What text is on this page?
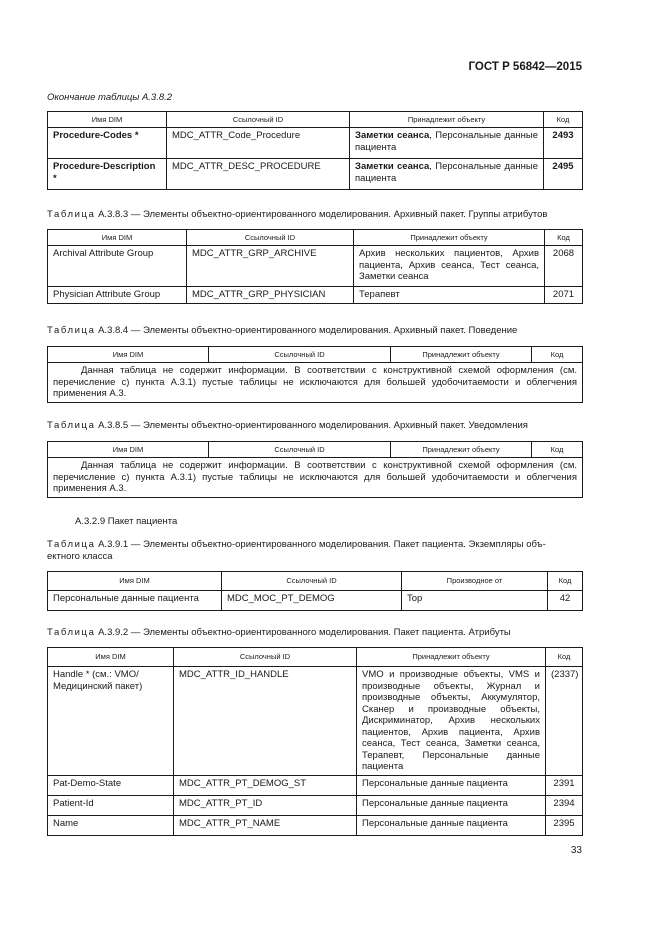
ГОСТ Р 56842—2015
Окончание таблицы А.3.8.2
Имя DIM	Ссылочный ID	Принадлежит объекту	Код
Procedure-Codes *	MDC_ATTR_Code_Procedure	Заметки сеанса, Персональные данные пациента	2493
Procedure-Description *	MDC_ATTR_DESC_PROCEDURE	Заметки сеанса, Персональные данные пациента	2495
Таблица А.3.8.3 — Элементы объектно-ориентированного моделирования. Архивный пакет. Группы атрибутов
Имя DIM	Ссылочный ID	Принадлежит объекту	Код
Archival Attribute Group	MDC_ATTR_GRP_ARCHIVE	Архив нескольких пациентов, Архив пациента, Архив сеанса, Тест сеанса, Заметки сеанса	2068
Physician Attribute Group	MDC_ATTR_GRP_PHYSICIAN	Терапевт	2071
Таблица А.3.8.4 — Элементы объектно-ориентированного моделирования. Архивный пакет. Поведение
Имя DIM	Ссылочный ID	Принадлежит объекту	Код
Данная таблица не содержит информации. В соответствии с конструктивной схемой оформления (см. перечисление с) пункта А.3.1) пустые таблицы не исключаются для большей удобочитаемости и облегчения применения А.3.
Таблица А.3.8.5 — Элементы объектно-ориентированного моделирования. Архивный пакет. Уведомления
Имя DIM	Ссылочный ID	Принадлежит объекту	Код
Данная таблица не содержит информации. В соответствии с конструктивной схемой оформления (см. перечисление с) пункта А.3.1) пустые таблицы не исключаются для большей удобочитаемости и облегчения применения А.3.
А.3.2.9 Пакет пациента
Таблица А.3.9.1 — Элементы объектно-ориентированного моделирования. Пакет пациента. Экземпляры объ-
ектного класса
Имя DIM	Ссылочный ID	Производное от	Код
Персональные данные пациента	MDC_MOC_PT_DEMOG	Top	42
Таблица А.3.9.2 — Элементы объектно-ориентированного моделирования. Пакет пациента. Атрибуты
Имя DIM	Ссылочный ID	Принадлежит объекту	Код
Handle * (см.: VMO/ Медицинский пакет)	MDC_ATTR_ID_HANDLE	VMO и производные объекты, VMS и производные объекты, Журнал и производные объекты, Аккумулятор, Сканер и производные объекты, Дискриминатор, Архив нескольких пациентов, Архив пациента, Архив сеанса, Тест сеанса, Заметки сеанса, Терапевт, Персональные данные пациента	(2337)
Pat-Demo-State	MDC_ATTR_PT_DEMOG_ST	Персональные данные пациента	2391
Patient-Id	MDC_ATTR_PT_ID	Персональные данные пациента	2394
Name	MDC_ATTR_PT_NAME	Персональные данные пациента	2395
33
